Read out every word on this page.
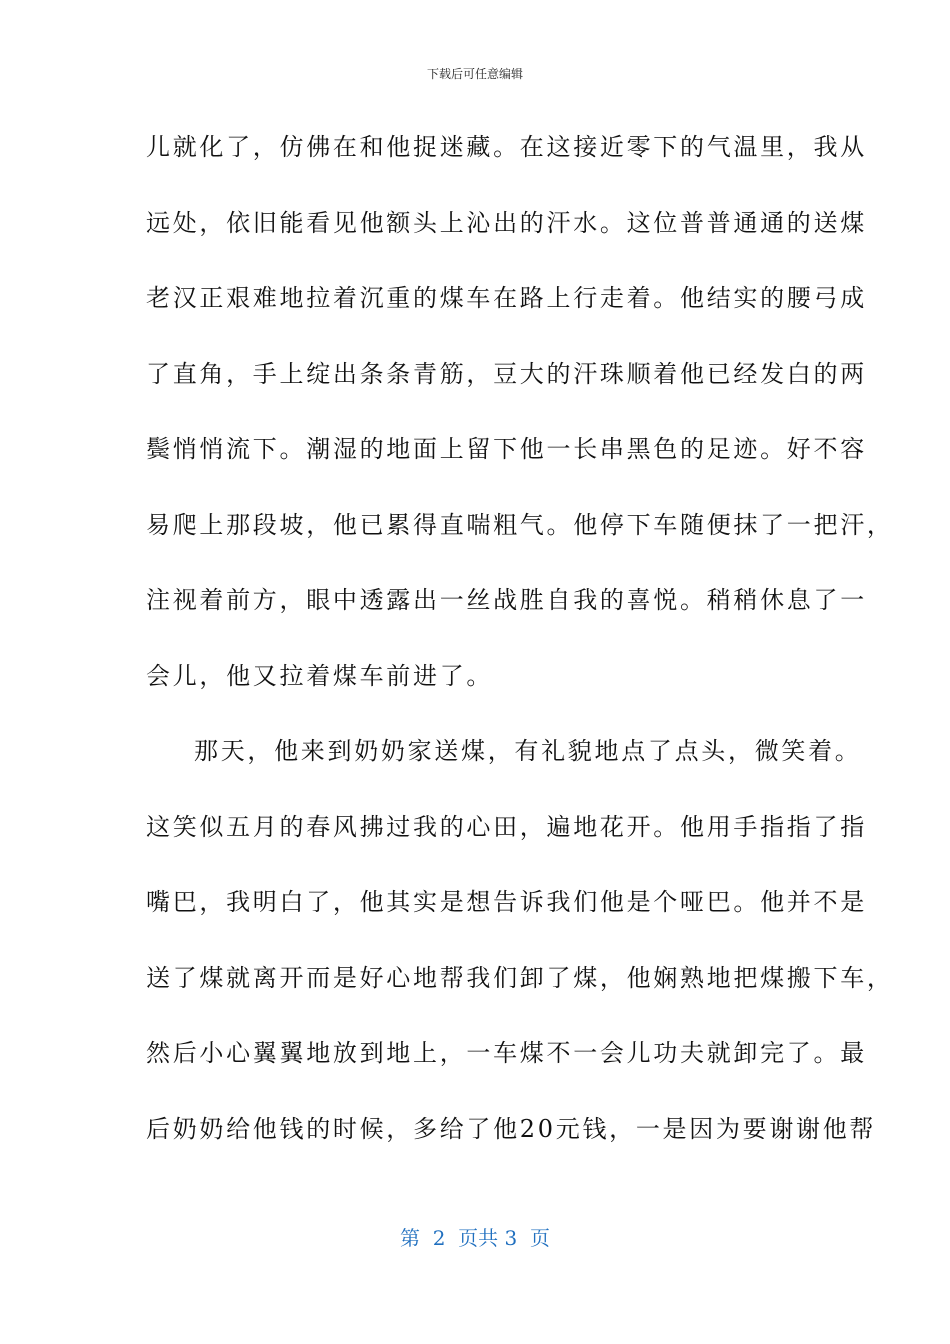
下载后可任意编辑
儿就化了，仿佛在和他捉迷藏。在这接近零下的气温里，我从
远处，依旧能看见他额头上沁出的汗水。这位普普通通的送煤
老汉正艰难地拉着沉重的煤车在路上行走着。他结实的腰弓成
了直角，手上绽出条条青筋，豆大的汗珠顺着他已经发白的两
鬓悄悄流下。潮湿的地面上留下他一长串黑色的足迹。好不容
易爬上那段坡，他已累得直喘粗气。他停下车随便抹了一把汗，
注视着前方，眼中透露出一丝战胜自我的喜悦。稍稍休息了一
会儿，他又拉着煤车前进了。
那天，他来到奶奶家送煤，有礼貌地点了点头，微笑着。
这笑似五月的春风拂过我的心田，遍地花开。他用手指指了指
嘴巴，我明白了，他其实是想告诉我们他是个哑巴。他并不是
送了煤就离开而是好心地帮我们卸了煤，他娴熟地把煤搬下车，
然后小心翼翼地放到地上，一车煤不一会儿功夫就卸完了。最
后奶奶给他钱的时候，多给了他20元钱，一是因为要谢谢他帮
第  2  页共 3  页
